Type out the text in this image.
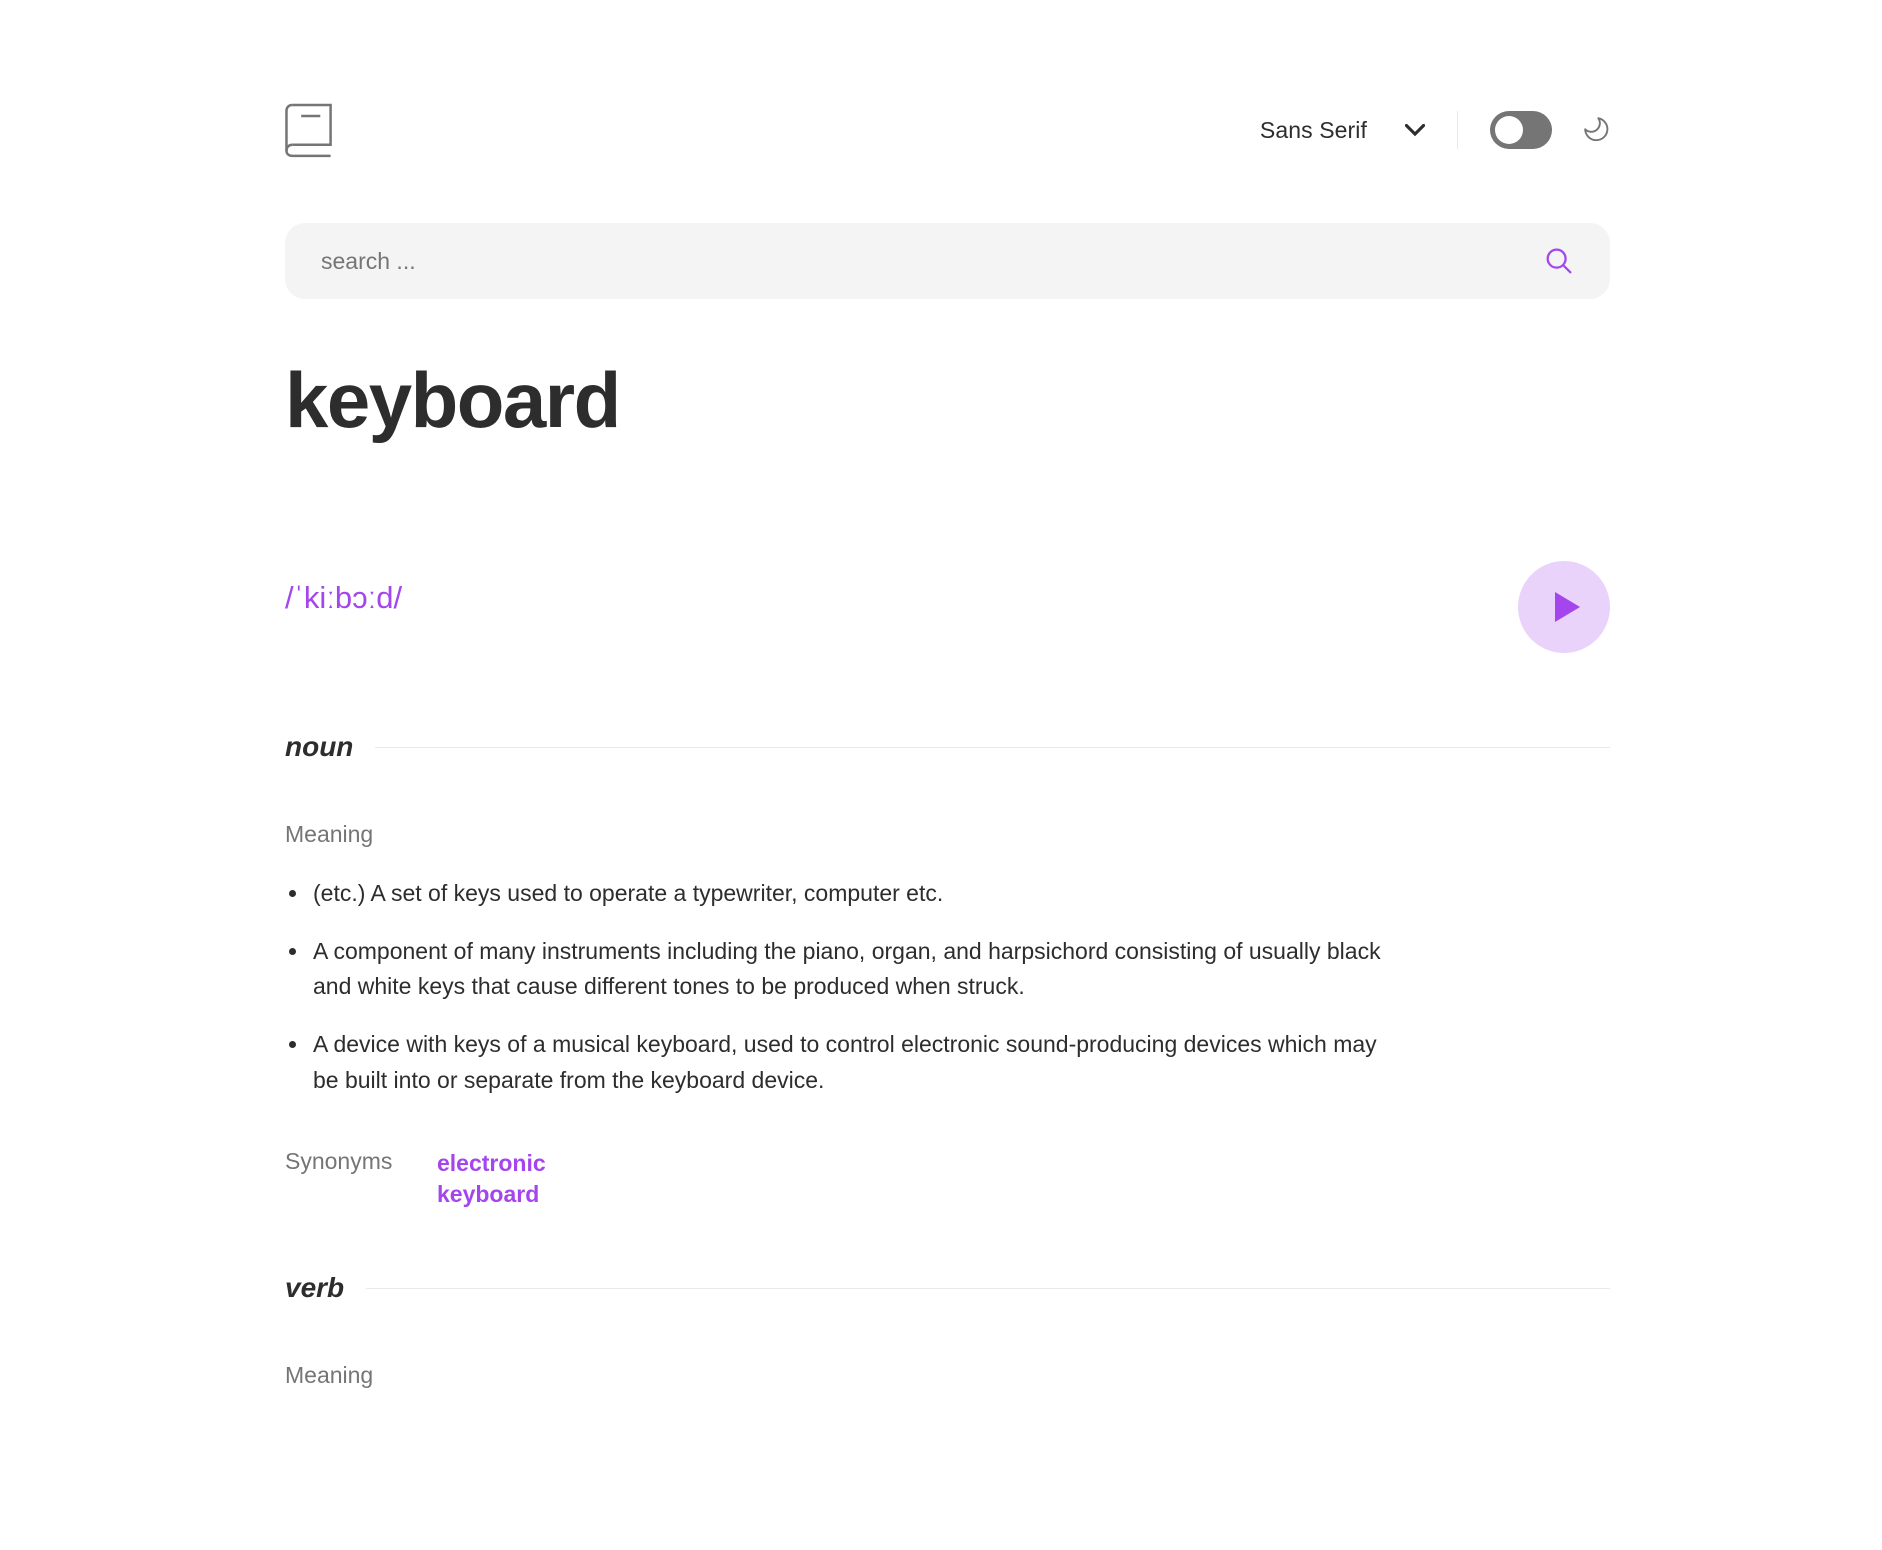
Sans Serif
search ...
keyboard
/ˈkiːbɔːd/
noun
Meaning
(etc.) A set of keys used to operate a typewriter, computer etc.
A component of many instruments including the piano, organ, and harpsichord consisting of usually black and white keys that cause different tones to be produced when struck.
A device with keys of a musical keyboard, used to control electronic sound-producing devices which may be built into or separate from the keyboard device.
Synonyms	electronic keyboard
verb
Meaning
